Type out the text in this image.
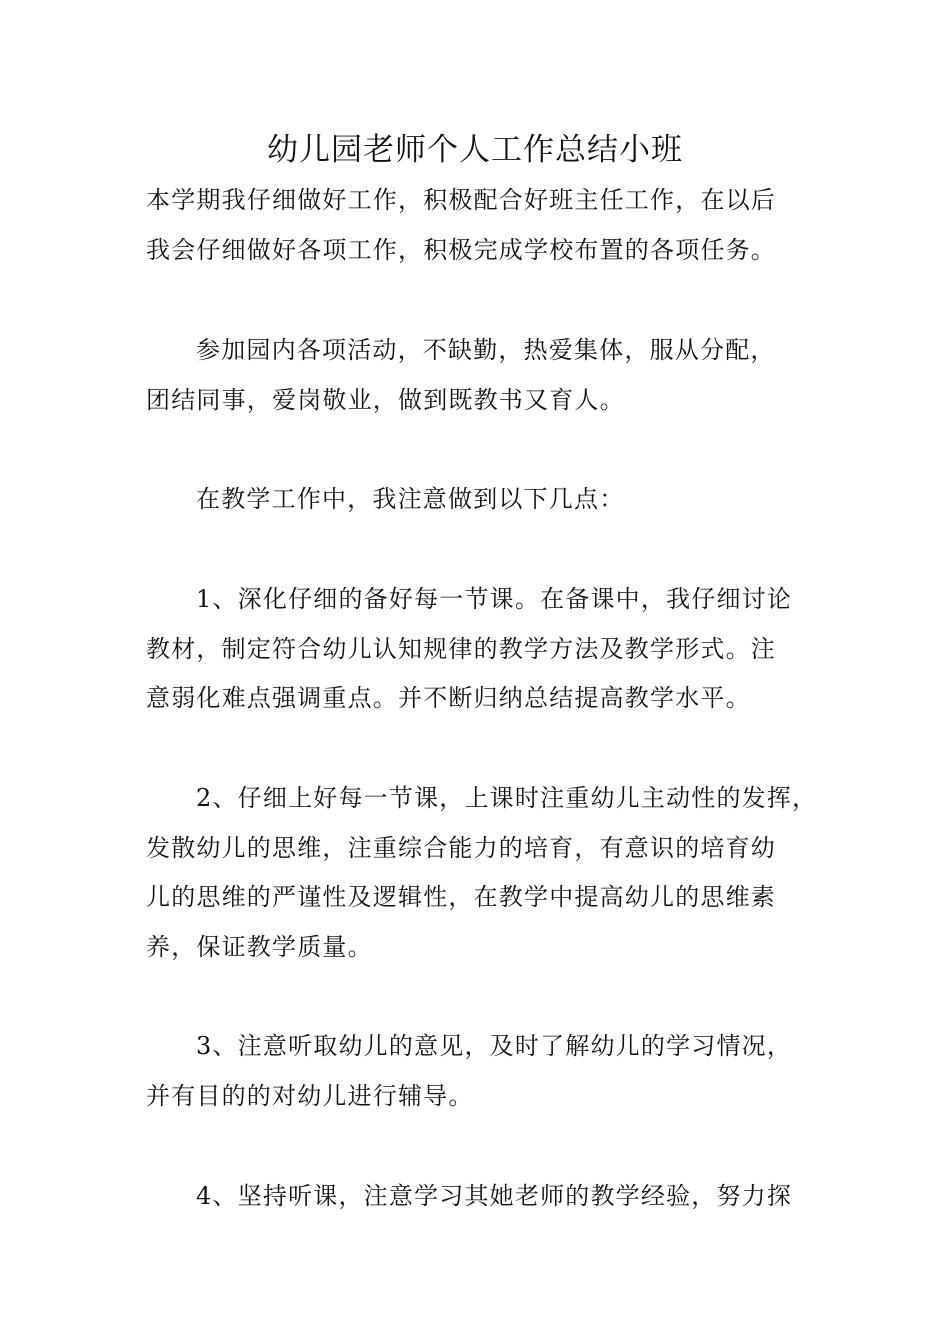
幼儿园老师个人工作总结小班

本学期我仔细做好工作，积极配合好班主任工作，在以后

我会仔细做好各项工作，积极完成学校布置的各项任务。

参加园内各项活动，不缺勤，热爱集体，服从分配，

团结同事，爱岗敬业，做到既教书又育人。

在教学工作中，我注意做到以下几点：

1、深化仔细的备好每一节课。在备课中，我仔细讨论

教材，制定符合幼儿认知规律的教学方法及教学形式。注

意弱化难点强调重点。并不断归纳总结提高教学水平。

2、仔细上好每一节课，上课时注重幼儿主动性的发挥，

发散幼儿的思维，注重综合能力的培育，有意识的培育幼

儿的思维的严谨性及逻辑性，在教学中提高幼儿的思维素

养，保证教学质量。

3、注意听取幼儿的意见，及时了解幼儿的学习情况，

并有目的的对幼儿进行辅导。

4、坚持听课，注意学习其她老师的教学经验，努力探
